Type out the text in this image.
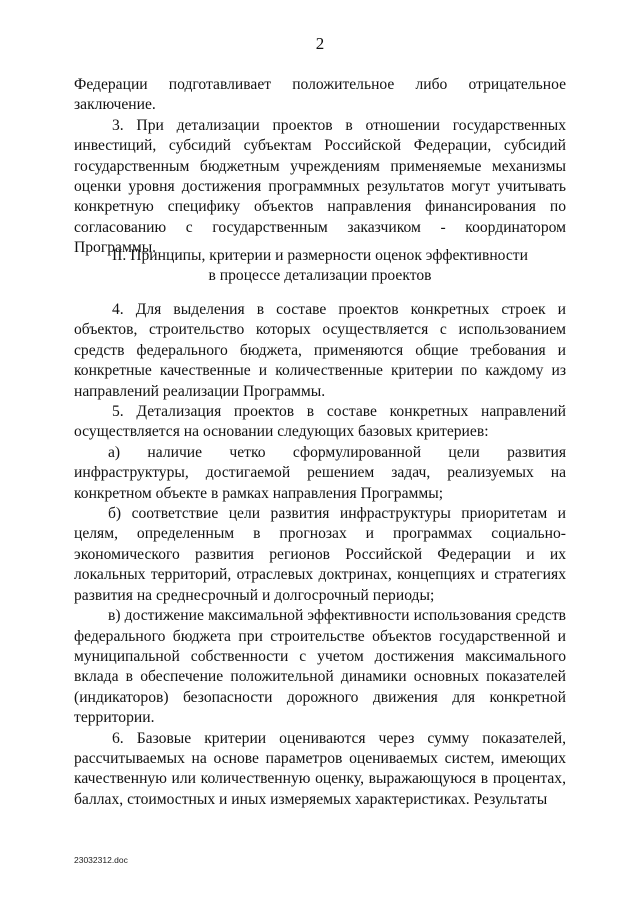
2

Федерации подготавливает положительное либо отрицательное заключение.

3. При детализации проектов в отношении государственных инвестиций, субсидий субъектам Российской Федерации, субсидий государственным бюджетным учреждениям применяемые механизмы оценки уровня достижения программных результатов могут учитывать конкретную специфику объектов направления финансирования по согласованию с государственным заказчиком - координатором Программы.

II. Принципы, критерии и размерности оценок эффективности
в процессе детализации проектов

4. Для выделения в составе проектов конкретных строек и объектов, строительство которых осуществляется с использованием средств федерального бюджета, применяются общие требования и конкретные качественные и количественные критерии по каждому из направлений реализации Программы.

5. Детализация проектов в составе конкретных направлений осуществляется на основании следующих базовых критериев:

а) наличие четко сформулированной цели развития инфраструктуры, достигаемой решением задач, реализуемых на конкретном объекте в рамках направления Программы;

б) соответствие цели развития инфраструктуры приоритетам и целям, определенным в прогнозах и программах социально-экономического развития регионов Российской Федерации и их локальных территорий, отраслевых доктринах, концепциях и стратегиях развития на среднесрочный и долгосрочный периоды;

в) достижение максимальной эффективности использования средств федерального бюджета при строительстве объектов государственной и муниципальной собственности с учетом достижения максимального вклада в обеспечение положительной динамики основных показателей (индикаторов) безопасности дорожного движения для конкретной территории.

6. Базовые критерии оцениваются через сумму показателей, рассчитываемых на основе параметров оцениваемых систем, имеющих качественную или количественную оценку, выражающуюся в процентах, баллах, стоимостных и иных измеряемых характеристиках. Результаты

23032312.doc
